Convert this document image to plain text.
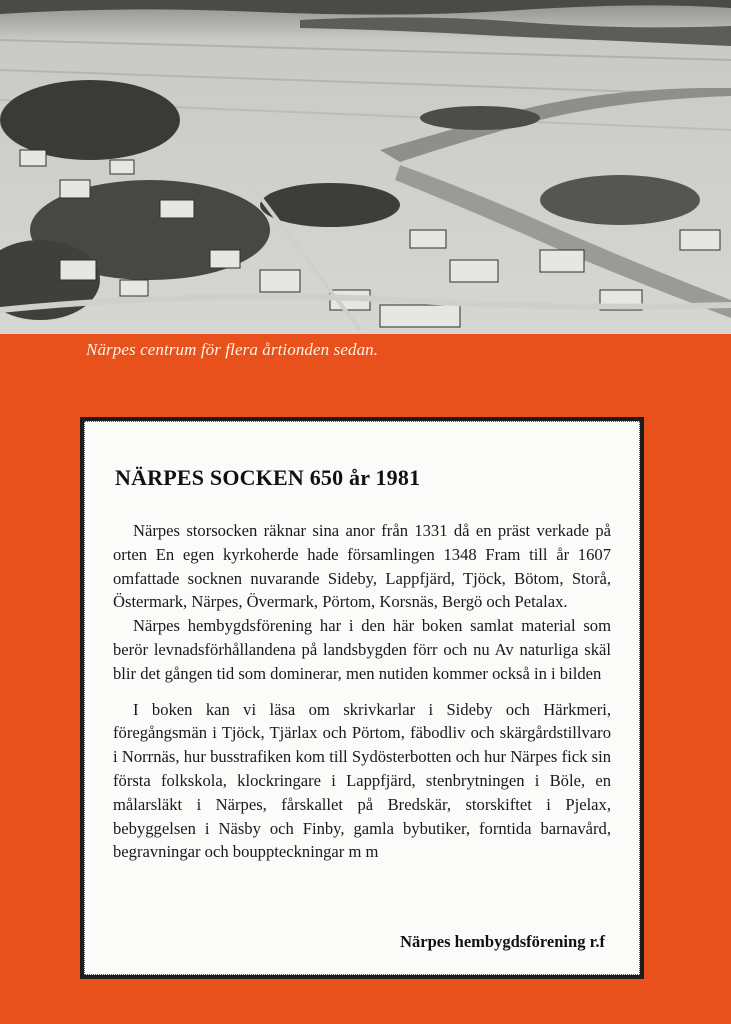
Närpes centrum för flera årtionden sedan.
NÄRPES SOCKEN 650 år 1981

Närpes storsocken räknar sina anor från 1331 då en präst verkade på orten En egen kyrkoherde hade församlingen 1348 Fram till år 1607 omfattade socknen nuvarande Sideby, Lappfjärd, Tjöck, Bötom, Storå, Östermark, Närpes, Övermark, Pörtom, Korsnäs, Bergö och Petalax.

Närpes hembygdsförening har i den här boken samlat material som berör levnadsförhållandena på landsbygden förr och nu Av naturliga skäl blir det gången tid som dominerar, men nutiden kommer också in i bilden

I boken kan vi läsa om skrivkarlar i Sideby och Härkmeri, föregångsmän i Tjöck, Tjärlax och Pörtom, fäbodliv och skärgårdstillvaro i Norrnäs, hur busstrafiken kom till Sydösterbotten och hur Närpes fick sin första folkskola, klockringare i Lappfjärd, stenbrytningen i Böle, en målarsläkt i Närpes, fårskallet på Bredskär, storskiftet i Pjelax, bebyggelsen i Näsby och Finby, gamla bybutiker, forntida barnavård, begravningar och bouppteckningar m m

Närpes hembygdsförening r.f
